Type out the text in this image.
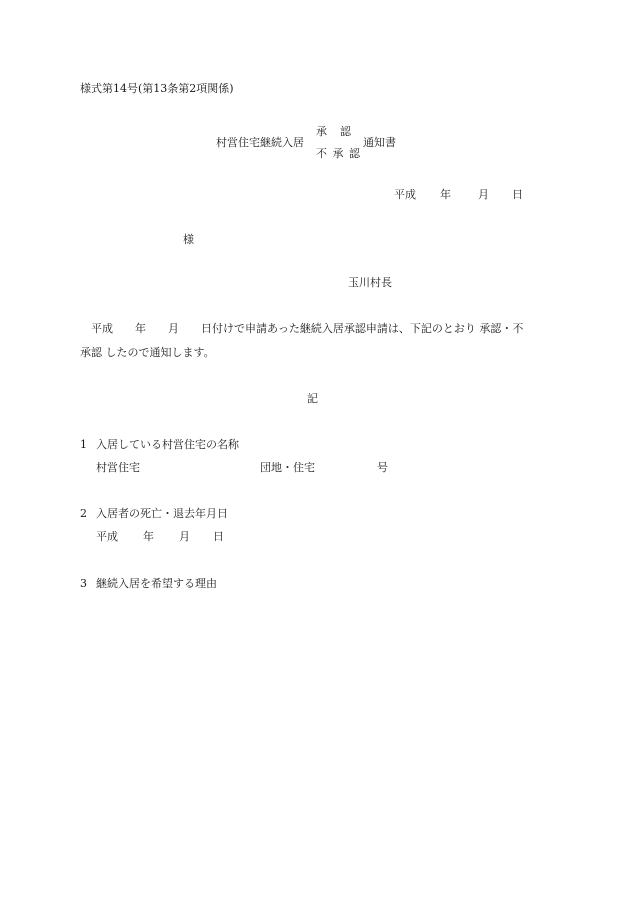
様式第14号(第13条第2項関係)
村営住宅継続入居
承　認
不 承 認
通知書
平成 年 月 日
様
玉川村長
平成 年 月 日付けで申請あった継続入居承認申請は、下記のとおり 承認・不
承認 したので通知します。
記
1 入居している村営住宅の名称
村営住宅	団地・住宅	号
2 入居者の死亡・退去年月日
平成 年 月 日
3 継続入居を希望する理由
